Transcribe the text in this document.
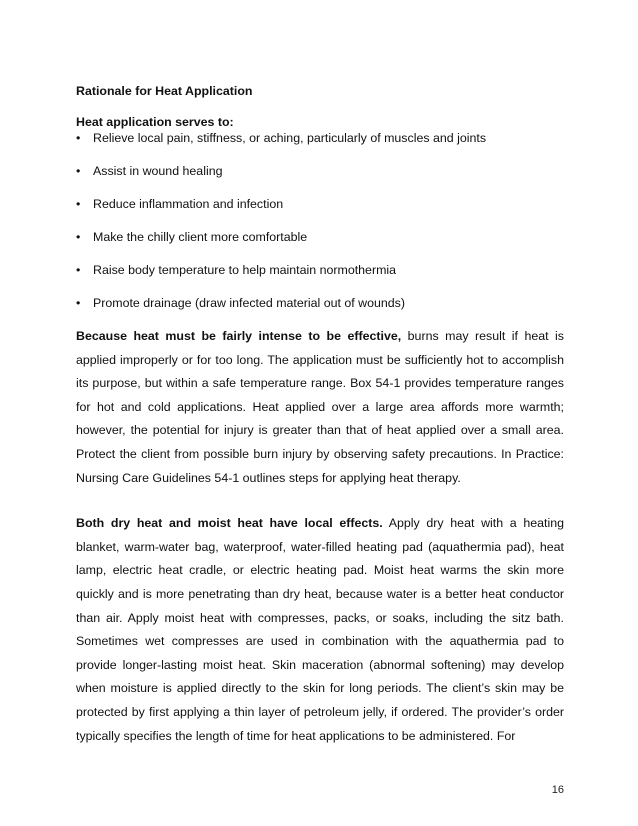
Rationale for Heat Application

Heat application serves to:

•	Relieve local pain, stiffness, or aching, particularly of muscles and joints
•	Assist in wound healing
•	Reduce inflammation and infection
•	Make the chilly client more comfortable
•	Raise body temperature to help maintain normothermia
•	Promote drainage (draw infected material out of wounds)

Because heat must be fairly intense to be effective, burns may result if heat is applied improperly or for too long. The application must be sufficiently hot to accomplish its purpose, but within a safe temperature range. Box 54-1 provides temperature ranges for hot and cold applications. Heat applied over a large area affords more warmth; however, the potential for injury is greater than that of heat applied over a small area. Protect the client from possible burn injury by observing safety precautions. In Practice: Nursing Care Guidelines 54-1 outlines steps for applying heat therapy.

Both dry heat and moist heat have local effects. Apply dry heat with a heating blanket, warm-water bag, waterproof, water-filled heating pad (aquathermia pad), heat lamp, electric heat cradle, or electric heating pad. Moist heat warms the skin more quickly and is more penetrating than dry heat, because water is a better heat conductor than air. Apply moist heat with compresses, packs, or soaks, including the sitz bath. Sometimes wet compresses are used in combination with the aquathermia pad to provide longer-lasting moist heat. Skin maceration (abnormal softening) may develop when moisture is applied directly to the skin for long periods. The client’s skin may be protected by first applying a thin layer of petroleum jelly, if ordered. The provider’s order typically specifies the length of time for heat applications to be administered. For

16
